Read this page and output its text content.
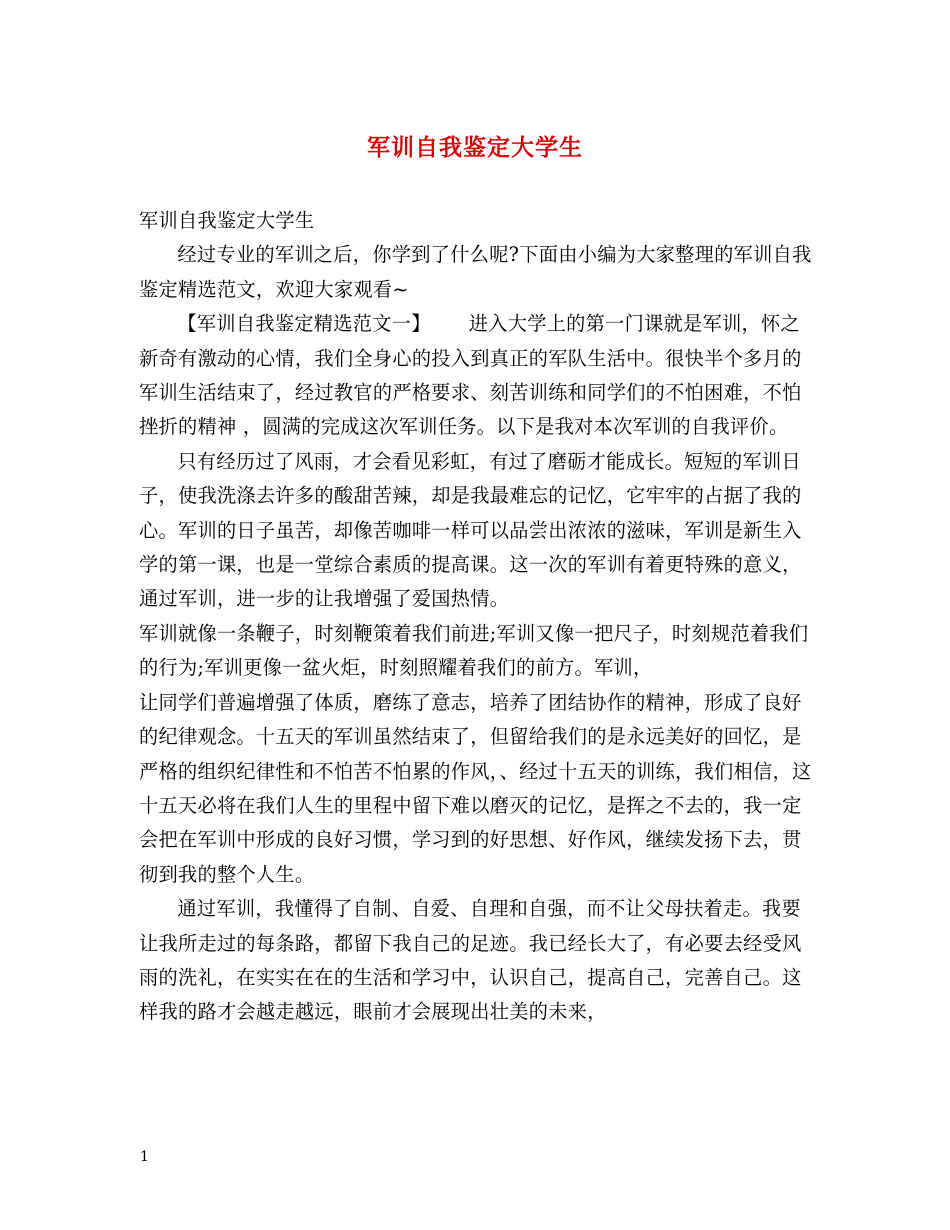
军训自我鉴定大学生

军训自我鉴定大学生

经过专业的军训之后，你学到了什么呢?下面由小编为大家整理的军训自我鉴定精选范文，欢迎大家观看~

【军训自我鉴定精选范文一】 进入大学上的第一门课就是军训，怀之新奇有激动的心情，我们全身心的投入到真正的军队生活中。很快半个多月的军训生活结束了，经过教官的严格要求、刻苦训练和同学们的不怕困难，不怕挫折的精神 ，圆满的完成这次军训任务。以下是我对本次军训的自我评价。

只有经历过了风雨，才会看见彩虹，有过了磨砺才能成长。短短的军训日子，使我洗涤去许多的酸甜苦辣，却是我最难忘的记忆，它牢牢的占据了我的心。军训的日子虽苦，却像苦咖啡一样可以品尝出浓浓的滋味，军训是新生入学的第一课，也是一堂综合素质的提高课。这一次的军训有着更特殊的意义，通过军训，进一步的让我增强了爱国热情。

军训就像一条鞭子，时刻鞭策着我们前进;军训又像一把尺子，时刻规范着我们的行为;军训更像一盆火炬，时刻照耀着我们的前方。军训，

让同学们普遍增强了体质，磨练了意志，培养了团结协作的精神，形成了良好的纪律观念。十五天的军训虽然结束了，但留给我们的是永远美好的回忆，是严格的组织纪律性和不怕苦不怕累的作风，、经过十五天的训练，我们相信，这十五天必将在我们人生的里程中留下难以磨灭的记忆，是挥之不去的，我一定会把在军训中形成的良好习惯，学习到的好思想、好作风，继续发扬下去，贯彻到我的整个人生。

通过军训，我懂得了自制、自爱、自理和自强，而不让父母扶着走。我要让我所走过的每条路，都留下我自己的足迹。我已经长大了，有必要去经受风雨的洗礼，在实实在在的生活和学习中，认识自己，提高自己，完善自己。这样我的路才会越走越远，眼前才会展现出壮美的未来，

1
